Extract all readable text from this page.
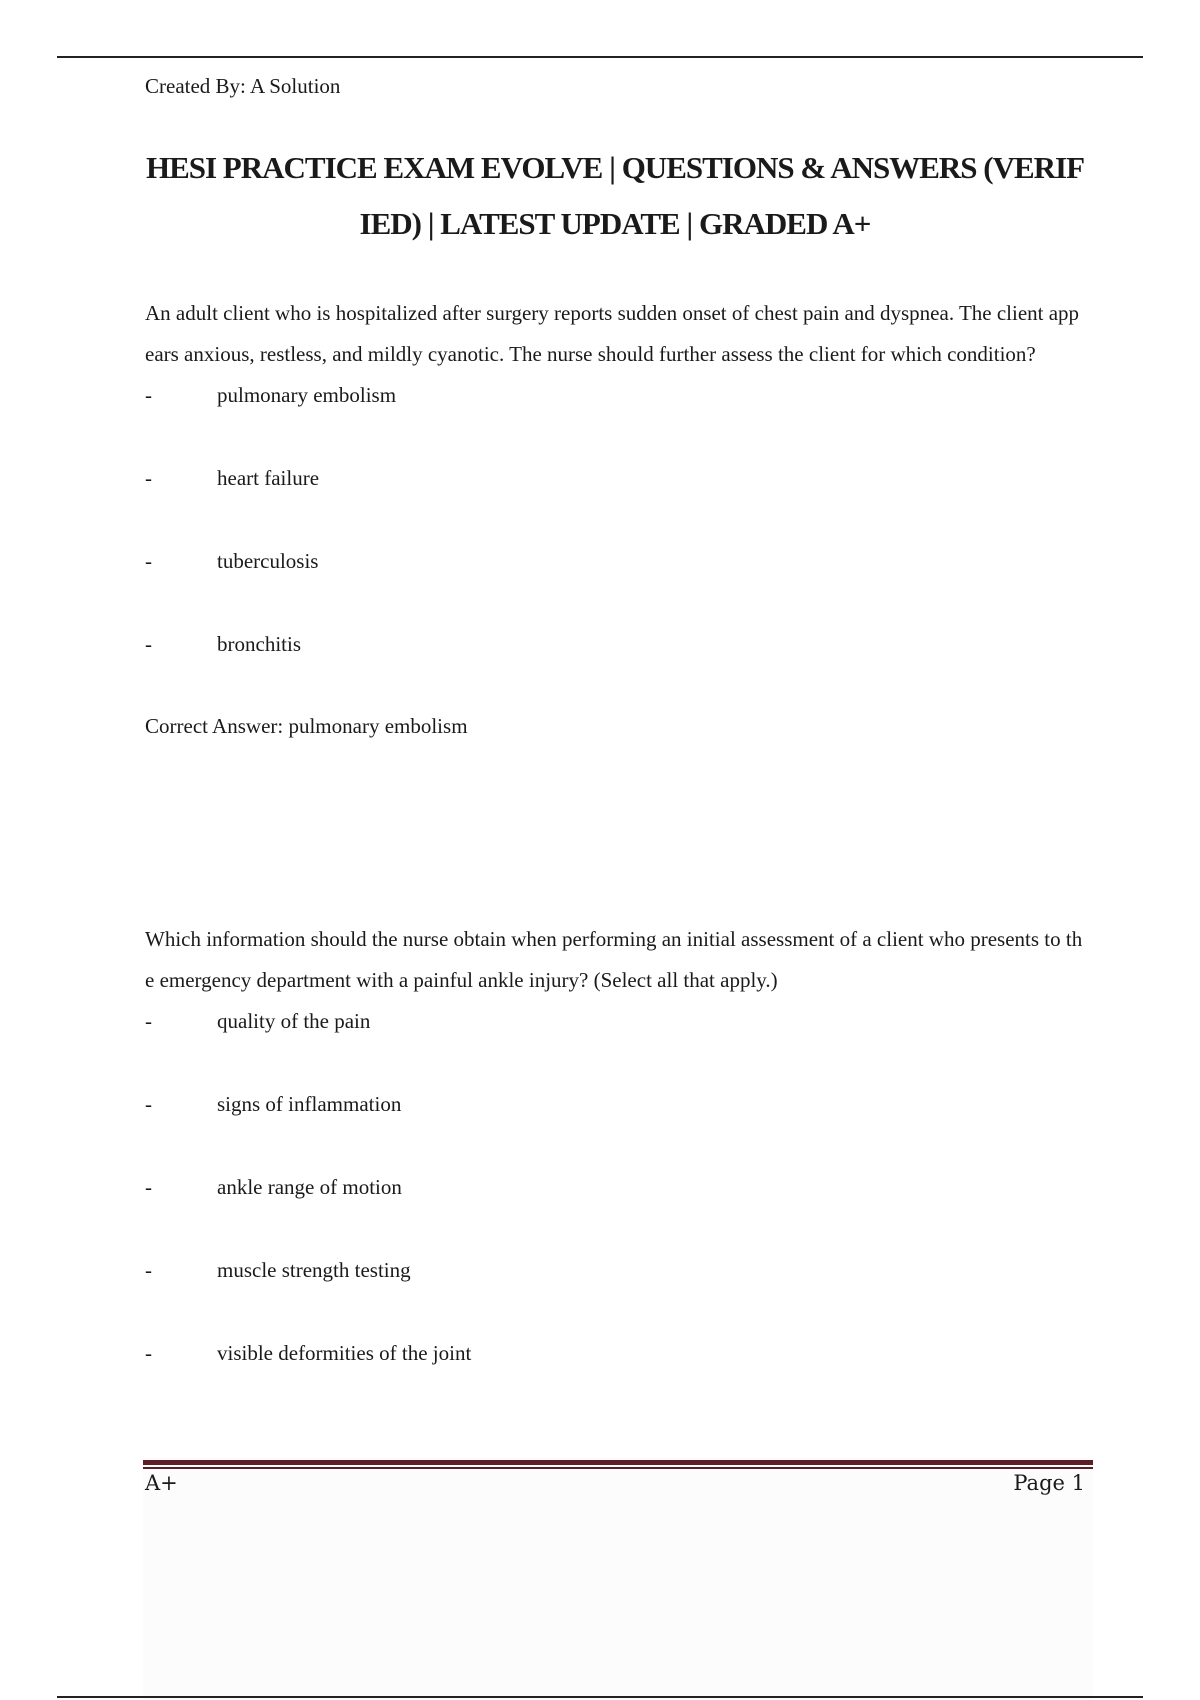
Created By: A Solution
HESI PRACTICE EXAM EVOLVE | QUESTIONS & ANSWERS (VERIFIED) | LATEST UPDATE | GRADED A+

An adult client who is hospitalized after surgery reports sudden onset of chest pain and dyspnea. The client appears anxious, restless, and mildly cyanotic. The nurse should further assess the client for which condition?

-	pulmonary embolism
-	heart failure
-	tuberculosis
-	bronchitis
Correct Answer: pulmonary embolism

Which information should the nurse obtain when performing an initial assessment of a client who presents to the emergency department with a painful ankle injury? (Select all that apply.)

-	quality of the pain
-	signs of inflammation
-	ankle range of motion
-	muscle strength testing
-	visible deformities of the joint
A+	Page 1
